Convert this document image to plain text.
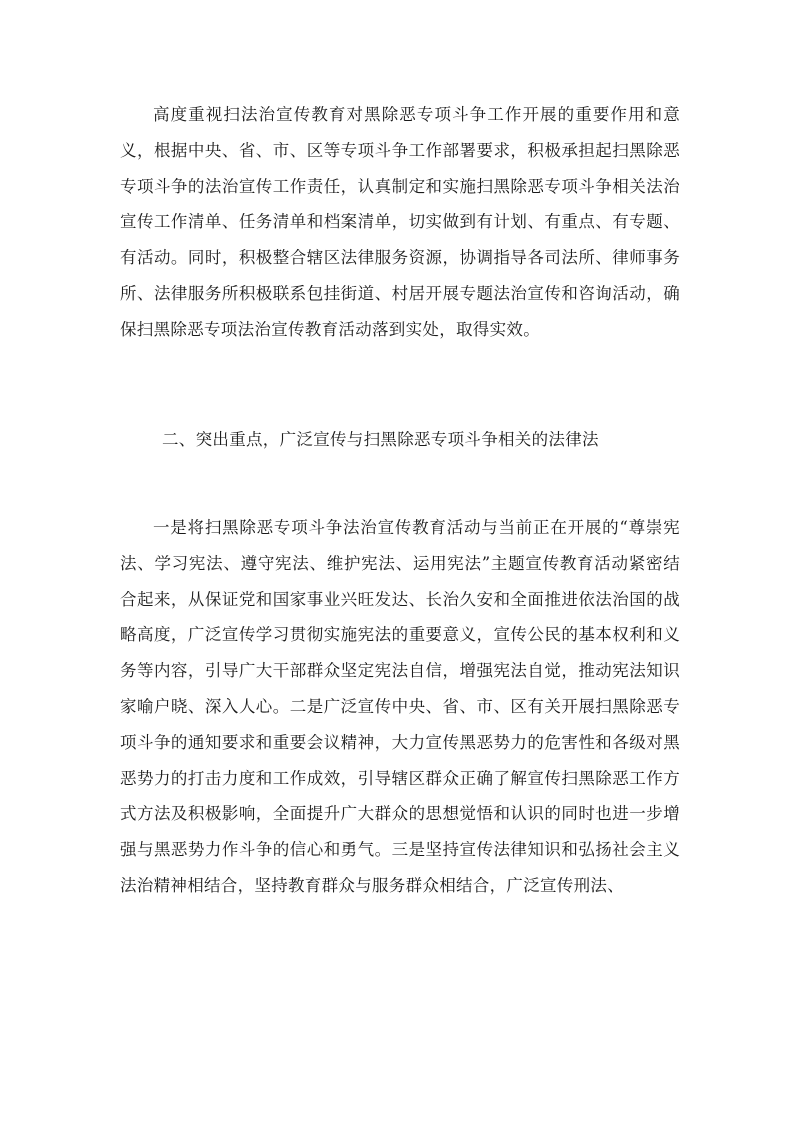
高度重视扫法治宣传教育对黑除恶专项斗争工作开展的重要作用和意义，根据中央、省、市、区等专项斗争工作部署要求，积极承担起扫黑除恶专项斗争的法治宣传工作责任，认真制定和实施扫黑除恶专项斗争相关法治宣传工作清单、任务清单和档案清单，切实做到有计划、有重点、有专题、有活动。同时，积极整合辖区法律服务资源，协调指导各司法所、律师事务所、法律服务所积极联系包挂街道、村居开展专题法治宣传和咨询活动，确保扫黑除恶专项法治宣传教育活动落到实处，取得实效。

二、突出重点，广泛宣传与扫黑除恶专项斗争相关的法律法

一是将扫黑除恶专项斗争法治宣传教育活动与当前正在开展的“尊崇宪法、学习宪法、遵守宪法、维护宪法、运用宪法”主题宣传教育活动紧密结合起来，从保证党和国家事业兴旺发达、长治久安和全面推进依法治国的战略高度，广泛宣传学习贯彻实施宪法的重要意义，宣传公民的基本权利和义务等内容，引导广大干部群众坚定宪法自信，增强宪法自觉，推动宪法知识家喻户晓、深入人心。二是广泛宣传中央、省、市、区有关开展扫黑除恶专项斗争的通知要求和重要会议精神，大力宣传黑恶势力的危害性和各级对黑恶势力的打击力度和工作成效，引导辖区群众正确了解宣传扫黑除恶工作方式方法及积极影响，全面提升广大群众的思想觉悟和认识的同时也进一步增强与黑恶势力作斗争的信心和勇气。三是坚持宣传法律知识和弘扬社会主义法治精神相结合，坚持教育群众与服务群众相结合，广泛宣传刑法、
